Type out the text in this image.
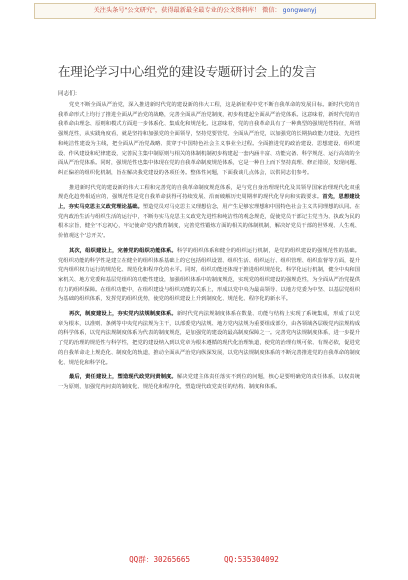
关注头条号"公文研究"，获得最新最全最专业的公文资料库！ 微信： gongwenyj
在理论学习中心组党的建设专题研讨会上的发言
同志们：

党史不断全面从严治党，深入推进新时代党的建设新的伟大工程，这是新征程中党不断自我革命的发展目标。新时代党的自我革命形式上均行了推进全面从严治党的战略，完善全面从严治党制度，初步构建起全面从严治党体系。这意味着，新时代党的自我革命由理念、原则和模式方面进一步体系化、集成化和规范化。这意味着，党的自我革命具有了一种典型的强规范性特征，所谓强规范性，从实践角度看，就是坚持和加强党的全面领导，坚持党要管党、全面从严治党，以加强党的长期执政能力建设、先进性和纯洁性建设为主线，把全面从严治党战略、贯穿于中国特色社会主义事业全过程。全面推进党的政治建设、思想建设、组织建设、作风建设和纪律建设，完善民主集中制原则与相关的体制机制初步构建起一套内涵丰富、功能完备、科学规范、运行高效的全面从严治党体系。同时，强规范性也集中体现在党的自我革命制度规范体系，它是一种自上而下坚持真理、修正错误，发现问题、纠正偏差的组织化机制，旨在解决我党建设的各项任务。整体性问题，下面我谈几点体会，以供同志们参考。

推进新时代党的建设新的伟大工程和完善党的自我革命制度规范体系，是与党自身治理现代化及其领导国家治理现代化双重规范化趋势相适应的，强规范性是党自我革命获得可持续发展、沿而破解历史周期率的现代化导向和实践要求。首先，思想建设上，夯实马克思主义政党理论基础。塑造党员对马克思主义理想信念，用产生足够宏理想和中国特色社会主义共同理想的认同。在党内政治生活与组织生活的运行中，不断夯实马克思主义政党先进性和纯洁性的观念规范，促使党员干部记主党当为、执政为民的根本宗旨，健全'不忘初心，牢记使命'党内教育制度，完善党性锻炼方面的相关的体制机制，解决好党员干部的世界观、人生观、价值观这个'总开关'。

其次，组织建设上，完善党的组织功能体系。科学的组织体系和健全的组织运行机制，是党的组织建设的强规范性的基础。党组织功能的科学性是建立在健全的组织体系基础上的它包括组织设置、组织生活、组织运行、组织管理、组织监督等方面，提升党内组织权力运行的规范化、规范化和程序化的水平。同时，组织功能还体现于推进组织规范化、科学化运行机制，健全中央和国家机关、地方党委和基层党组织的功能性建设，加强组织体系中的制度规范，实现党的组织建设的强规范性，为全面从严治党提供有力的组织保障。在组织功能中，在组织建设与组织功能的关系上，形成以党中央为最高领导、以地方党委为中坚、以基层党组织为基础的组织体系，发挥党的组织优势，使党的组织建设上升到制度化、规范化、程序化的新水平。

再次，制度建设上，夯实党内法规制度体系。新时代党内法规制度体系在数量、功能与结构上实现了系统集成，形成了以党章为根本，以准则、条例等中央党内法规为主干，以部委党内法规、地方党内法规为重要组成部分，由各领域各层级党内法规构成的科学体系，以党内法规制度体系为代表的制度规范，是加强党的建设的最高制度保障之一。完善党内法规制度体系，进一步提升了党的治理的规范性与科学性，把党的建设纳入到以党章为根本遵循的现代化治理轨道，使党的治理有规可依、有规必依，促进党的自我革命走上规范化、制度化的轨道，推动全面从严治党向纵深发展，以党内法规制度体系的不断完善推进党的自我革命的制度化、规范化和科学化。

最后，责任建设上，塑造现代政党问责制度。解决党建主体责任落实不到位的问题，核心是要明确党的责任体系，以权责统一为原则，加强党内问责的制度化、规范化和程序化，塑造现代政党责任的结构、制度和体系。

QQ群：30265665	QQ:535304092
